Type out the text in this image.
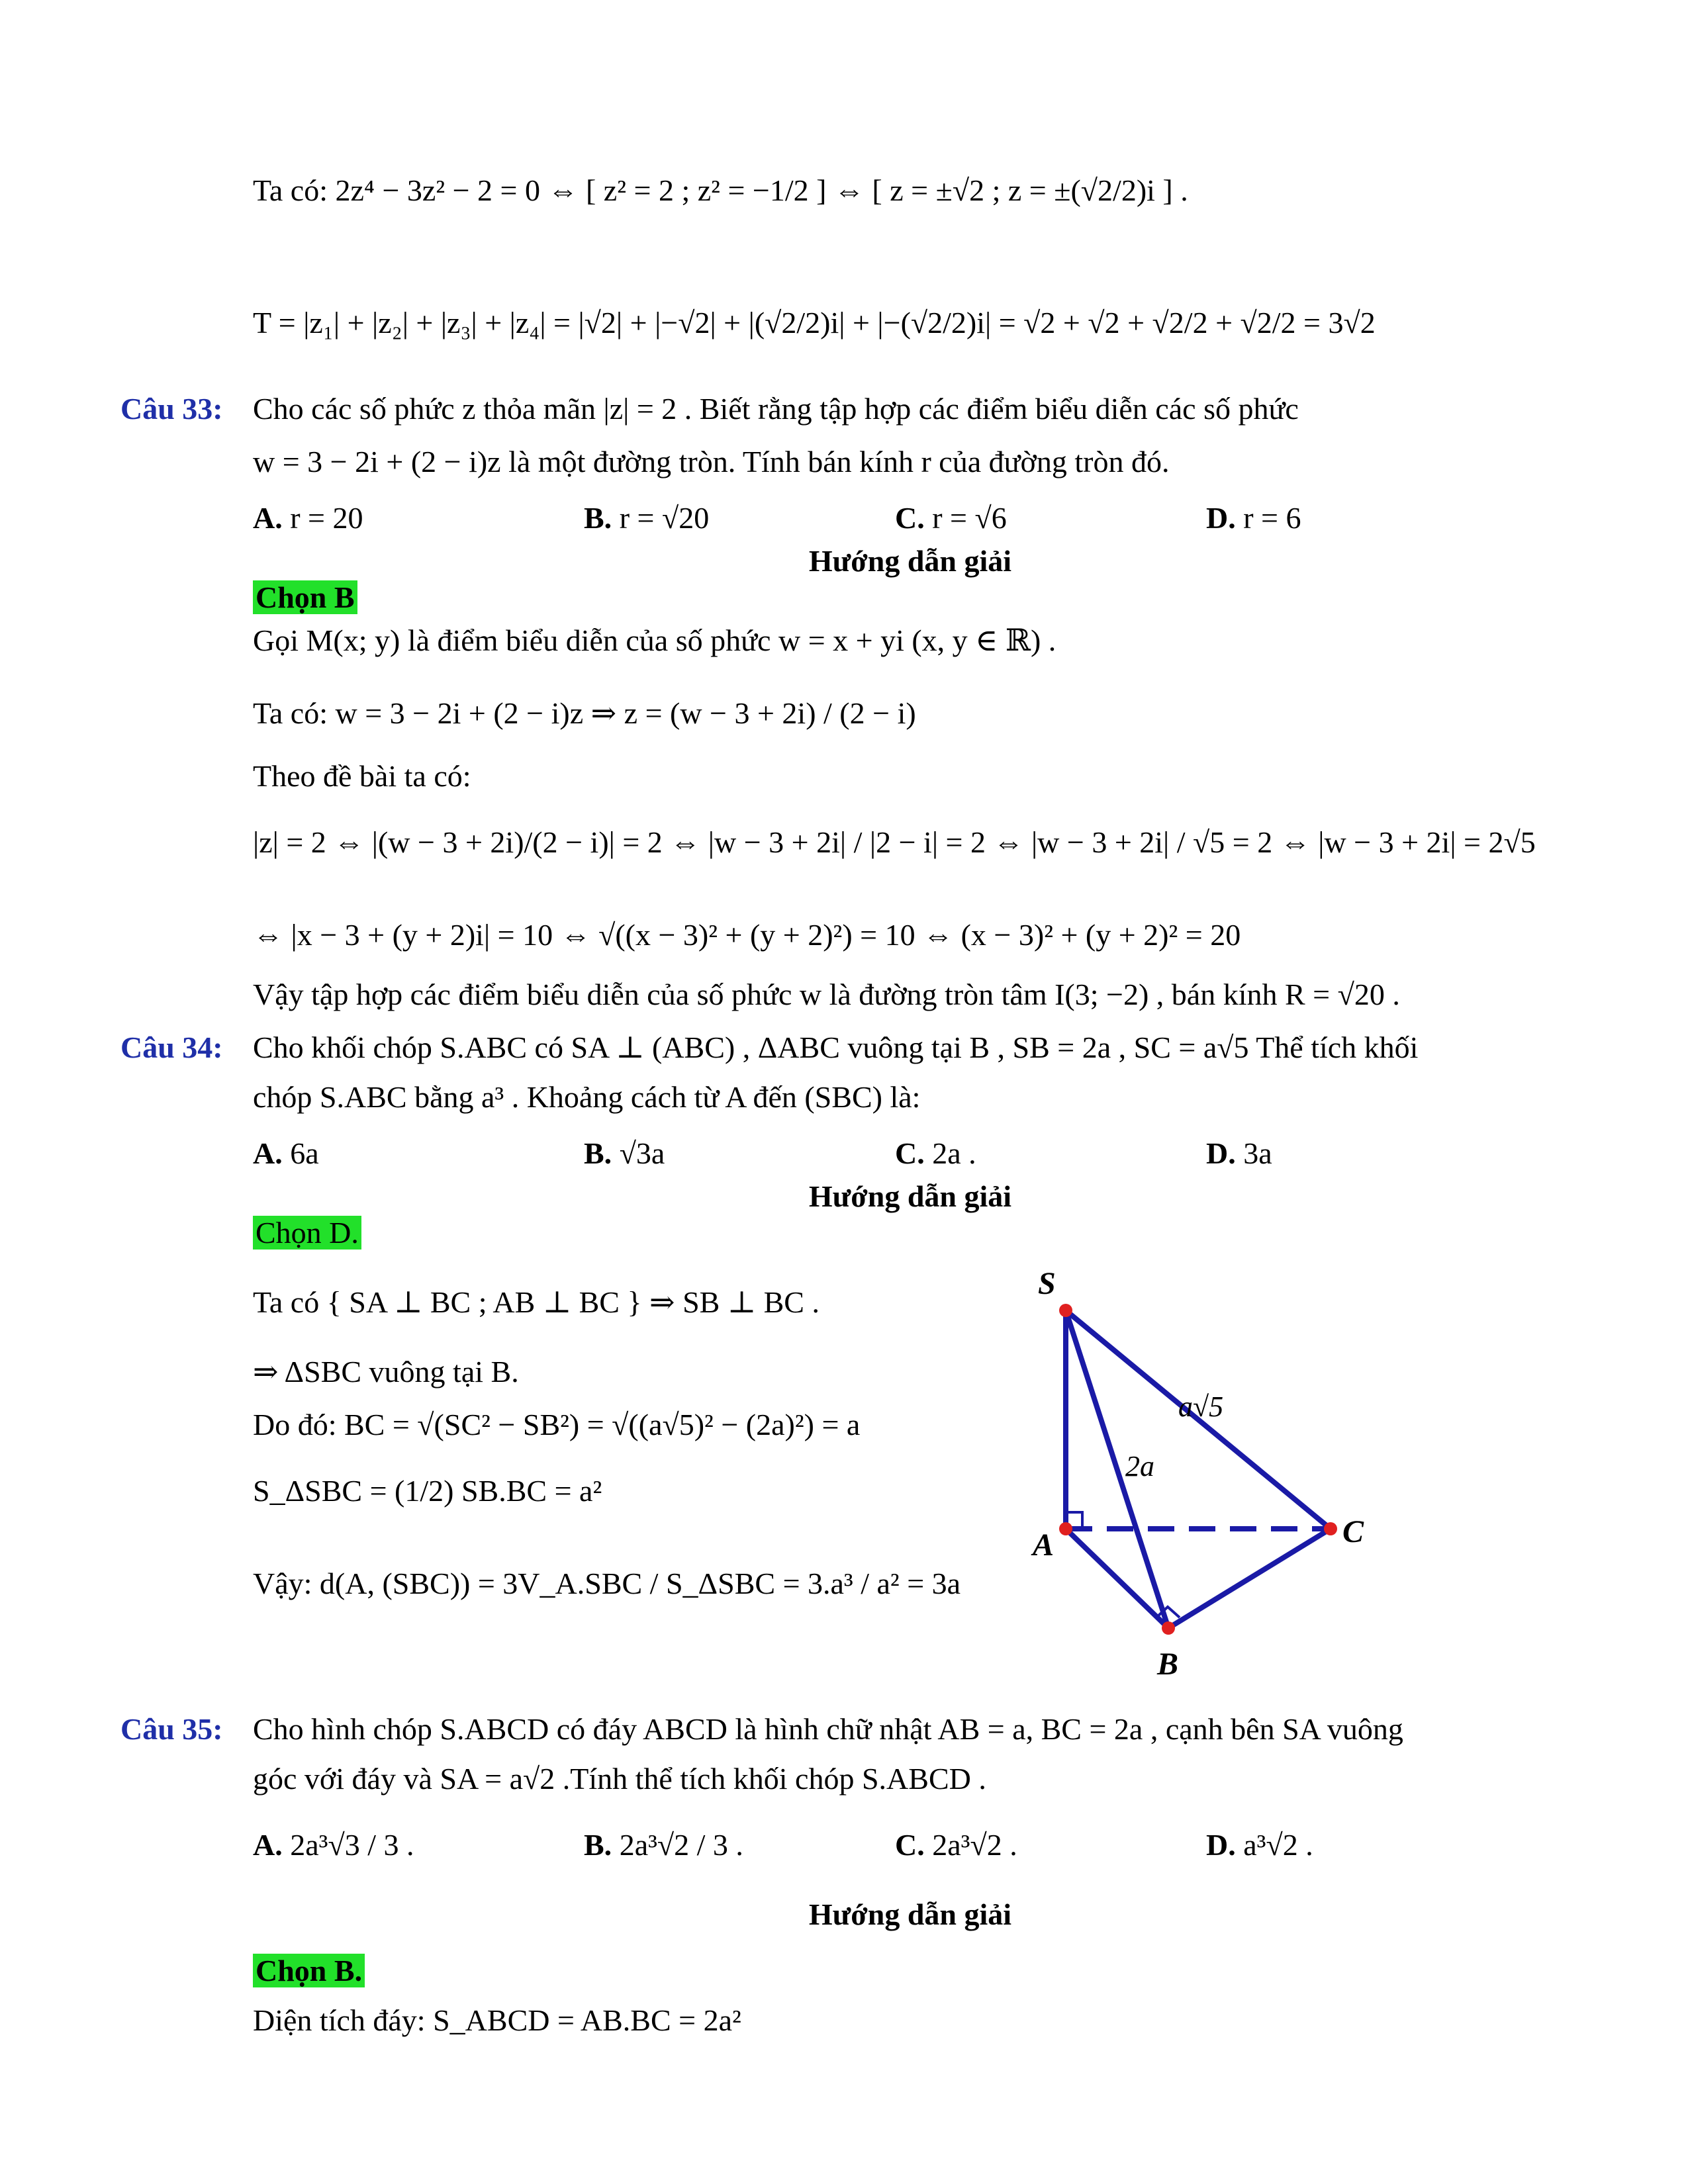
Ta có: 2z⁴ − 3z² − 2 = 0 ⇔ [ z² = 2 ; z² = −1/2 ] ⇔ [ z = ±√2 ; z = ±(√2/2)i ] .
T = |z₁| + |z₂| + |z₃| + |z₄| = |√2| + |−√2| + |(√2/2)i| + |−(√2/2)i| = √2 + √2 + √2/2 + √2/2 = 3√2
Câu 33: Cho các số phức z thỏa mãn |z| = 2 . Biết rằng tập hợp các điểm biểu diễn các số phức
w = 3 − 2i + (2 − i)z là một đường tròn. Tính bán kính r của đường tròn đó.
A. r = 20	B. r = √20	C. r = √6	D. r = 6
Hướng dẫn giải
Chọn B
Gọi M(x; y) là điểm biểu diễn của số phức w = x + yi (x, y ∈ ℝ) .
Ta có: w = 3 − 2i + (2 − i)z ⇒ z = (w − 3 + 2i) / (2 − i)
Theo đề bài ta có:
|z| = 2 ⇔ |(w − 3 + 2i)/(2 − i)| = 2 ⇔ |w − 3 + 2i| / |2 − i| = 2 ⇔ |w − 3 + 2i| / √5 = 2 ⇔ |w − 3 + 2i| = 2√5
⇔ |x − 3 + (y + 2)i| = 10 ⇔ √((x − 3)² + (y + 2)²) = 10 ⇔ (x − 3)² + (y + 2)² = 20
Vậy tập hợp các điểm biểu diễn của số phức w là đường tròn tâm I(3; −2) , bán kính R = √20 .
Câu 34: Cho khối chóp S.ABC có SA ⊥ (ABC) , ΔABC vuông tại B , SB = 2a , SC = a√5 Thể tích khối
chóp S.ABC bằng a³ . Khoảng cách từ A đến (SBC) là:
A. 6a	B. √3a	C. 2a .	D. 3a
Hướng dẫn giải
Chọn D.
Ta có { SA ⊥ BC ; AB ⊥ BC } ⇒ SB ⊥ BC .
⇒ ΔSBC vuông tại B.
Do đó: BC = √(SC² − SB²) = √((a√5)² − (2a)²) = a
S_ΔSBC = (1/2) SB.BC = a²
Vậy: d(A, (SBC)) = 3V_A.SBC / S_ΔSBC = 3.a³ / a² = 3a
S
A
B
C
a√5
2a
Câu 35: Cho hình chóp S.ABCD có đáy ABCD là hình chữ nhật AB = a, BC = 2a , cạnh bên SA vuông
góc với đáy và SA = a√2 .Tính thể tích khối chóp S.ABCD .
A. 2a³√3 / 3 .	B. 2a³√2 / 3 .	C. 2a³√2 .	D. a³√2 .
Hướng dẫn giải
Chọn B.
Diện tích đáy: S_ABCD = AB.BC = 2a²
